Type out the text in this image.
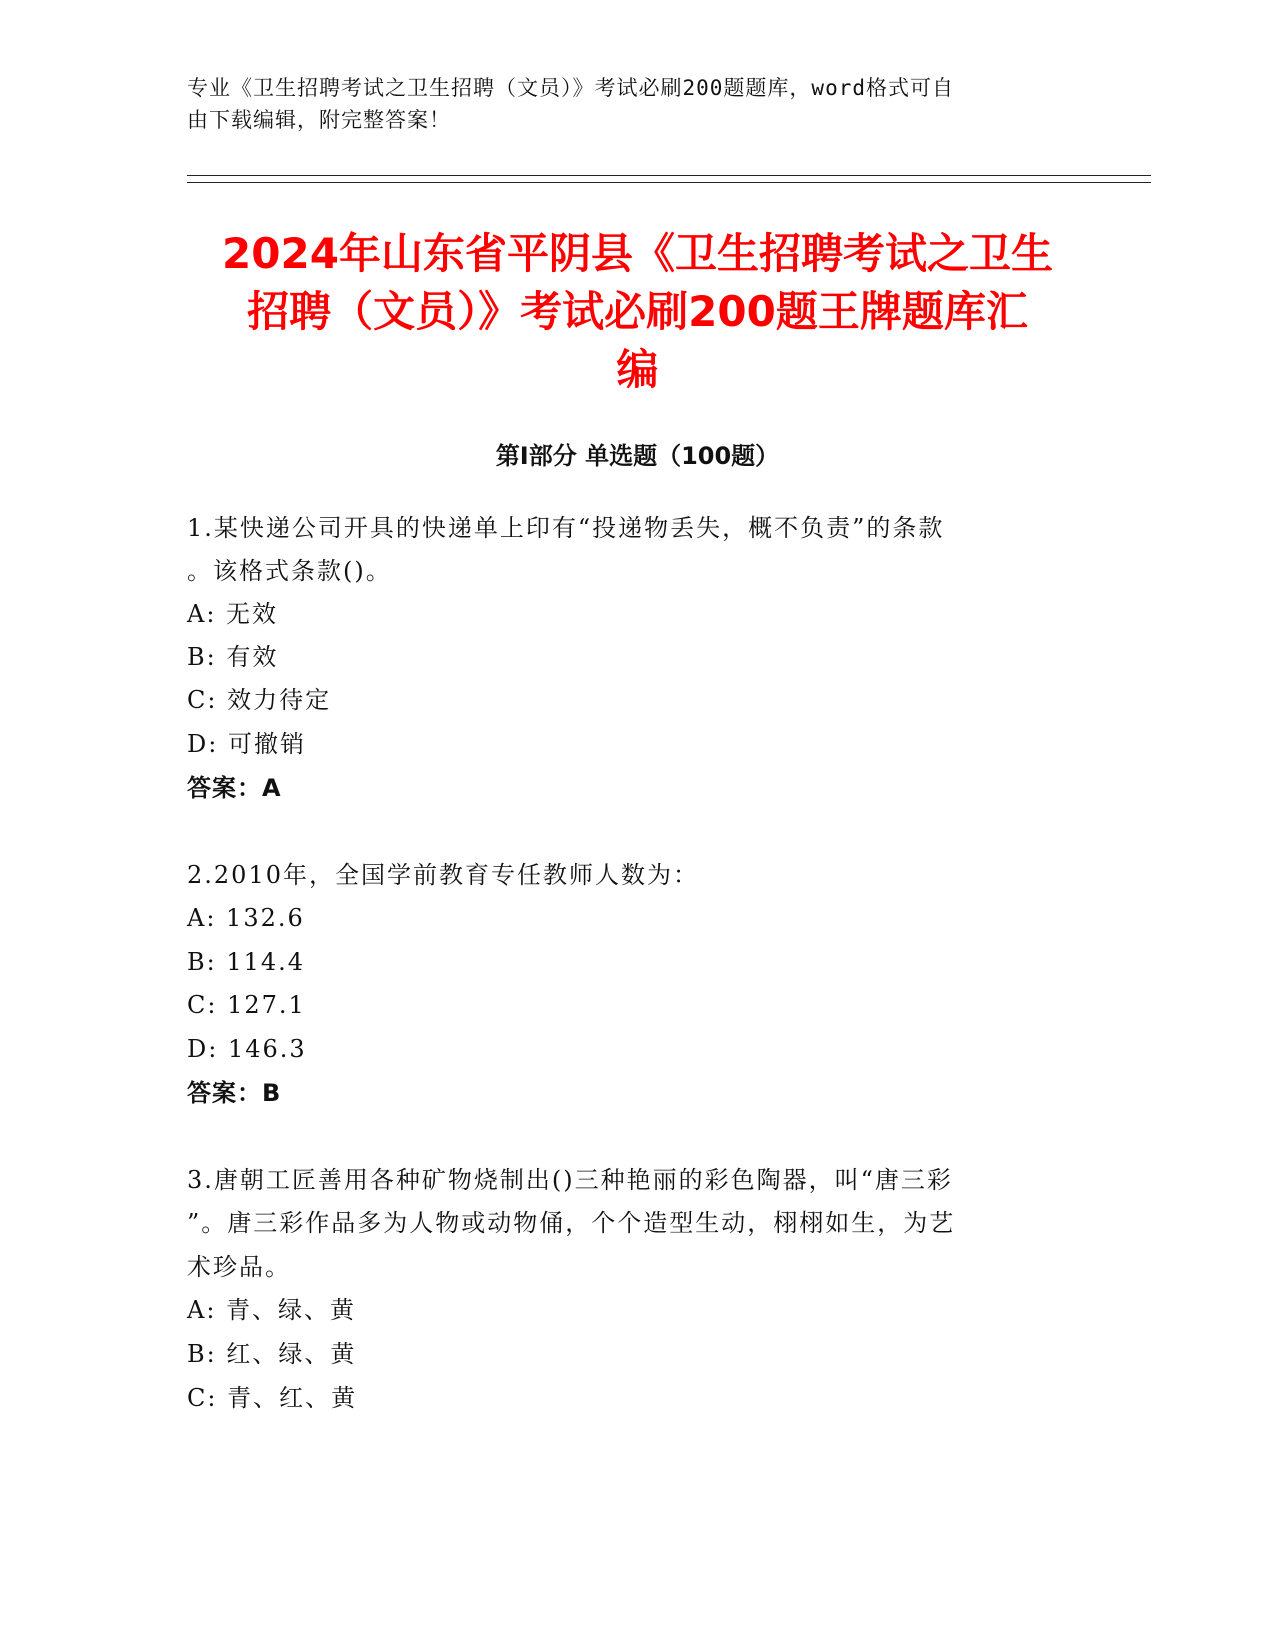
专业《卫生招聘考试之卫生招聘（文员）》考试必刷200题题库，word格式可自
由下载编辑，附完整答案！
2024年山东省平阴县《卫生招聘考试之卫生
招聘（文员）》考试必刷200题王牌题库汇
编
第Ⅰ部分 单选题（100题）
1.某快递公司开具的快递单上印有“投递物丢失，概不负责”的条款
。该格式条款()。
A: 无效
B: 有效
C: 效力待定
D: 可撤销
答案：A
2.2010年，全国学前教育专任教师人数为：
A: 132.6
B: 114.4
C: 127.1
D: 146.3
答案：B
3.唐朝工匠善用各种矿物烧制出()三种艳丽的彩色陶器，叫“唐三彩
”。唐三彩作品多为人物或动物俑，个个造型生动，栩栩如生，为艺
术珍品。
A: 青、绿、黄
B: 红、绿、黄
C: 青、红、黄
